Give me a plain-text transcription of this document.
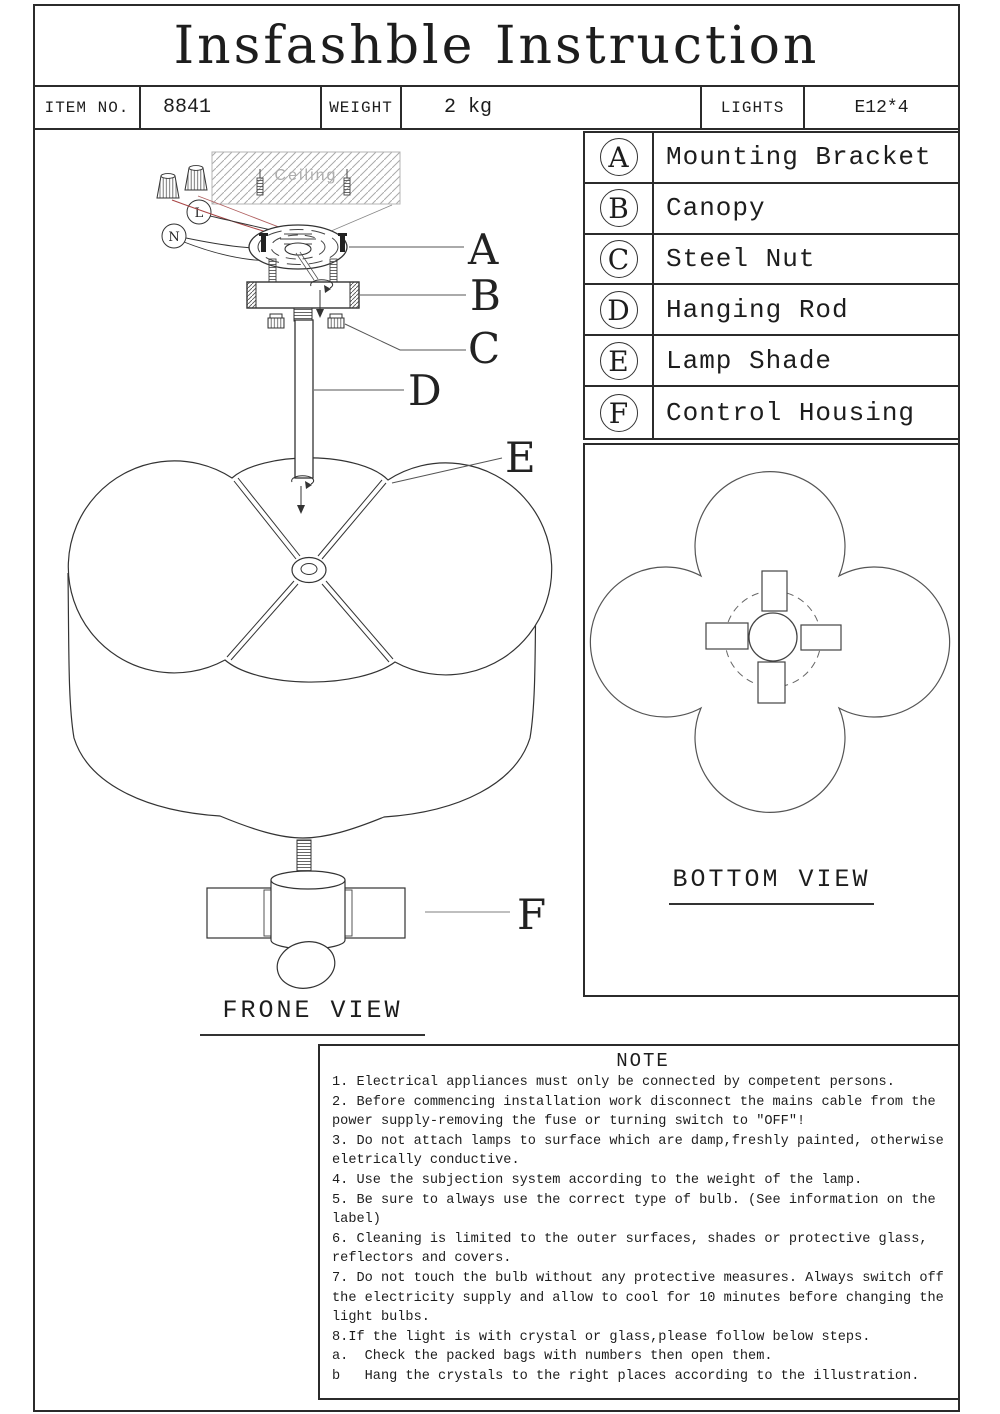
Insfashble Instruction
ITEM NO. 8841	WEIGHT	2 kg	LIGHTS	E12*4
A	Mounting Bracket
B	Canopy
C	Steel Nut
D	Hanging Rod
E	Lamp Shade
F	Control Housing
Ceiling
L
N	A
B
C
D
E
F
FRONE VIEW
BOTTOM VIEW
NOTE
1. Electrical appliances must only be connected by competent persons.
2. Before commencing installation work disconnect the mains cable from the power supply-removing the fuse or turning switch to ″OFF″!
3. Do not attach lamps to surface which are damp,freshly painted, otherwise eletrically conductive.
4. Use the subjection system according to the weight of the lamp.
5. Be sure to always use the correct type of bulb. (See information on the label)
6. Cleaning is limited to the outer surfaces, shades or protective glass, reflectors and covers.
7. Do not touch the bulb without any protective measures. Always switch off the electricity supply and allow to cool for 10 minutes before changing the light bulbs.
8.If the light is with crystal or glass,please follow below steps.
a.  Check the packed bags with numbers then open them.
b   Hang the crystals to the right places according to the illustration.
